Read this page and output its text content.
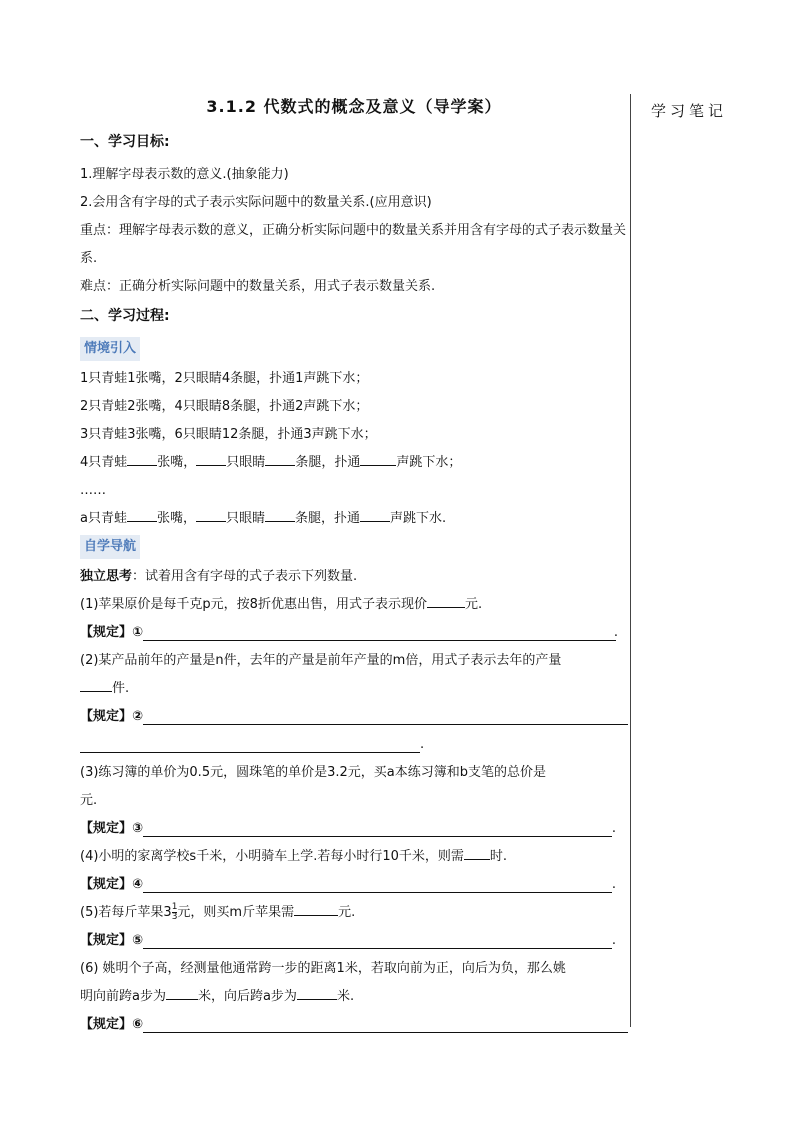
学习笔记
3.1.2 代数式的概念及意义（导学案）
一、学习目标:

1.理解字母表示数的意义.(抽象能力)

2.会用含有字母的式子表示实际问题中的数量关系.(应用意识)

重点：理解字母表示数的意义，正确分析实际问题中的数量关系并用含有字母的式子表示数量关系.

难点：正确分析实际问题中的数量关系，用式子表示数量关系.

二、学习过程:
情境引入

1只青蛙1张嘴，2只眼睛4条腿，扑通1声跳下水；

2只青蛙2张嘴，4只眼睛8条腿，扑通2声跳下水；

3只青蛙3张嘴，6只眼睛12条腿，扑通3声跳下水；

4只青蛙 张嘴， 只眼睛 条腿，扑通	声跳下水；

……

a只青蛙 张嘴， 只眼睛 条腿，扑通 声跳下水.

自学导航

独立思考：试着用含有字母的式子表示下列数量.

(1)苹果原价是每千克p元，按8折优惠出售，用式子表示现价	元.

【规定】①	.

(2)某产品前年的产量是n件，去年的产量是前年产量的m倍，用式子表示去年的产量

件.

【规定】②
.

(3)练习簿的单价为0.5元，圆珠笔的单价是3.2元，买a本练习簿和b支笔的总价是

元.

【规定】③	.

(4)小明的家离学校s千米，小明骑车上学.若每小时行10千米，则需 时.

【规定】④	.

(5)若每斤苹果$3 \frac{1}{3}$ 元，则买m斤苹果需	元.

【规定】⑤	.

(6) 姚明个子高，经测量他通常跨一步的距离1米，若取向前为正，向后为负，那么姚

明向前跨a步为 米，向后跨a步为	米.

【规定】⑥
